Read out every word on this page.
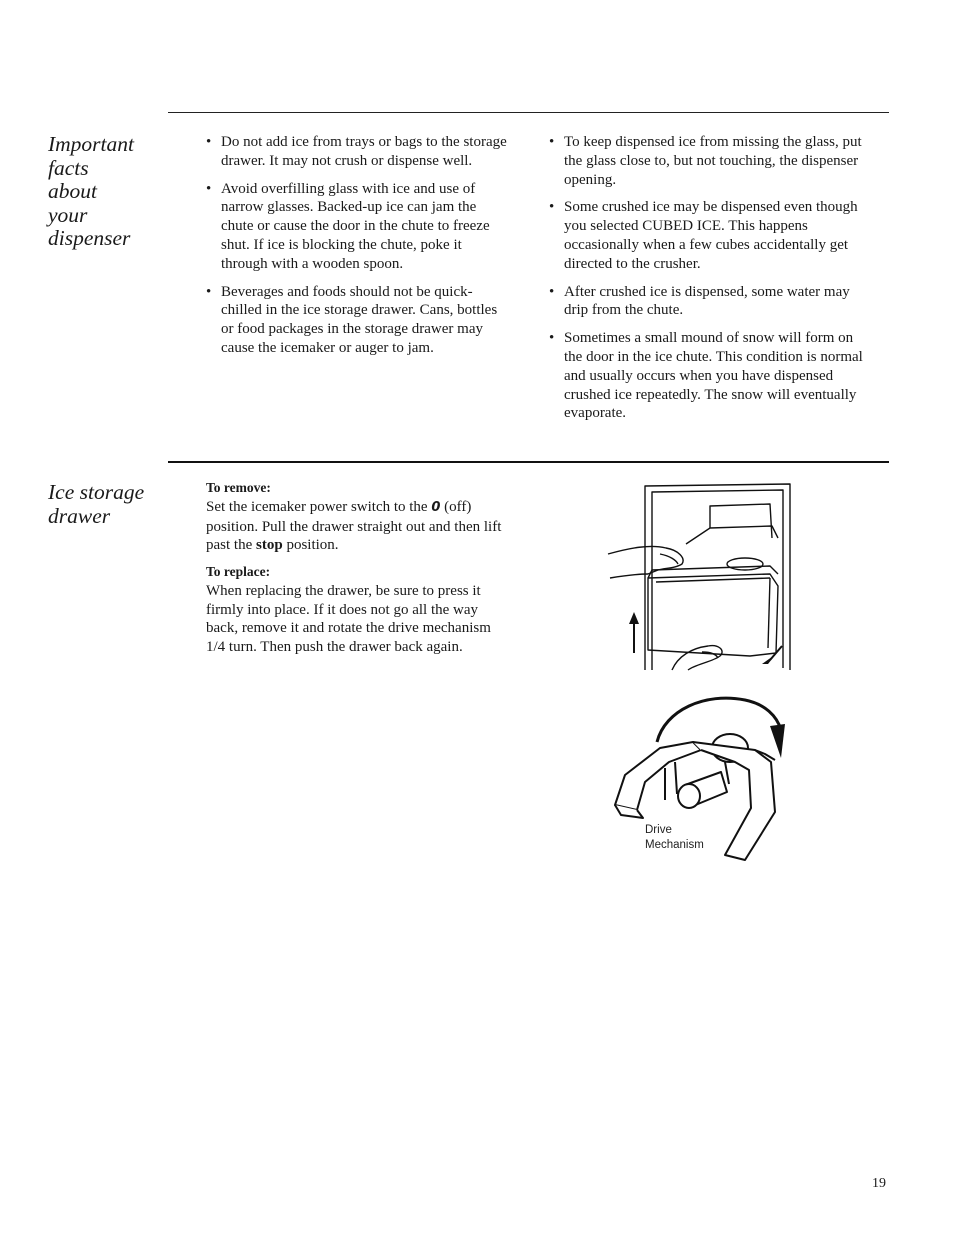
Important
facts
about
your
dispenser
• Do not add ice from trays or bags to the storage drawer. It may not crush or dispense well.
• Avoid overfilling glass with ice and use of narrow glasses. Backed-up ice can jam the chute or cause the door in the chute to freeze shut. If ice is blocking the chute, poke it through with a wooden spoon.
• Beverages and foods should not be quick-chilled in the ice storage drawer. Cans, bottles or food packages in the storage drawer may cause the icemaker or auger to jam.
• To keep dispensed ice from missing the glass, put the glass close to, but not touching, the dispenser opening.
• Some crushed ice may be dispensed even though you selected CUBED ICE. This happens occasionally when a few cubes accidentally get directed to the crusher.
• After crushed ice is dispensed, some water may drip from the chute.
• Sometimes a small mound of snow will form on the door in the ice chute. This condition is normal and usually occurs when you have dispensed crushed ice repeatedly. The snow will eventually evaporate.
Ice storage
drawer

To remove:

Set the icemaker power switch to the 0 (off) position. Pull the drawer straight out and then lift past the stop position.

To replace:

When replacing the drawer, be sure to press it firmly into place. If it does not go all the way back, remove it and rotate the drive mechanism 1/4 turn. Then push the drawer back again.

Drive
Mechanism
19
